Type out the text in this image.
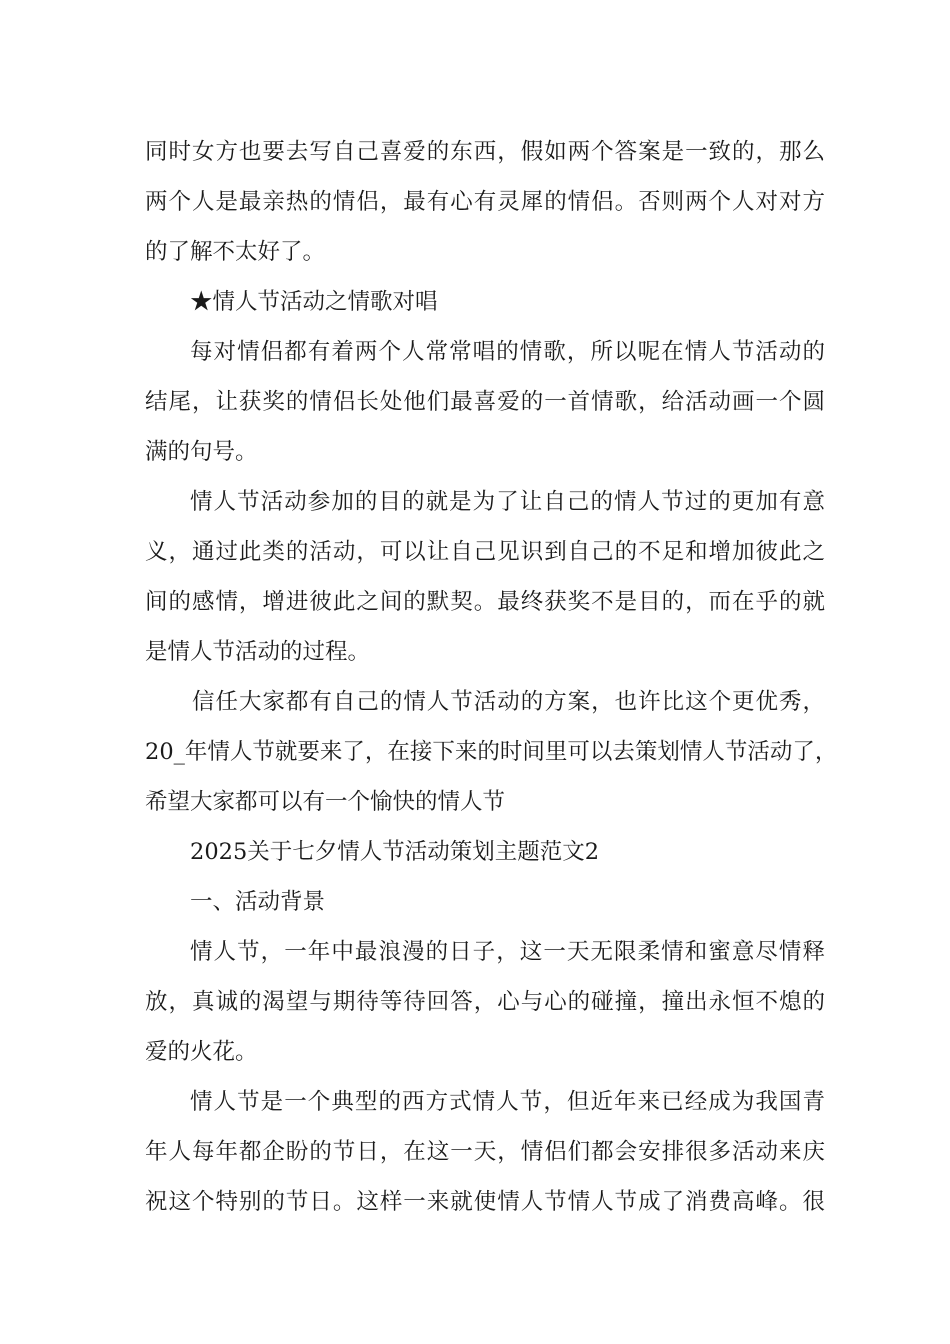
同时女方也要去写自己喜爱的东西，假如两个答案是一致的，那么
两个人是最亲热的情侣，最有心有灵犀的情侣。否则两个人对对方
的了解不太好了。
★情人节活动之情歌对唱
每对情侣都有着两个人常常唱的情歌，所以呢在情人节活动的
结尾，让获奖的情侣长处他们最喜爱的一首情歌，给活动画一个圆
满的句号。
情人节活动参加的目的就是为了让自己的情人节过的更加有意
义，通过此类的活动，可以让自己见识到自己的不足和增加彼此之
间的感情，增进彼此之间的默契。最终获奖不是目的，而在乎的就
是情人节活动的过程。
信任大家都有自己的情人节活动的方案，也许比这个更优秀，
20_年情人节就要来了，在接下来的时间里可以去策划情人节活动了，
希望大家都可以有一个愉快的情人节
2025关于七夕情人节活动策划主题范文2
一、活动背景
情人节，一年中最浪漫的日子，这一天无限柔情和蜜意尽情释
放，真诚的渴望与期待等待回答，心与心的碰撞，撞出永恒不熄的
爱的火花。
情人节是一个典型的西方式情人节，但近年来已经成为我国青
年人每年都企盼的节日，在这一天，情侣们都会安排很多活动来庆
祝这个特别的节日。这样一来就使情人节情人节成了消费高峰。很
